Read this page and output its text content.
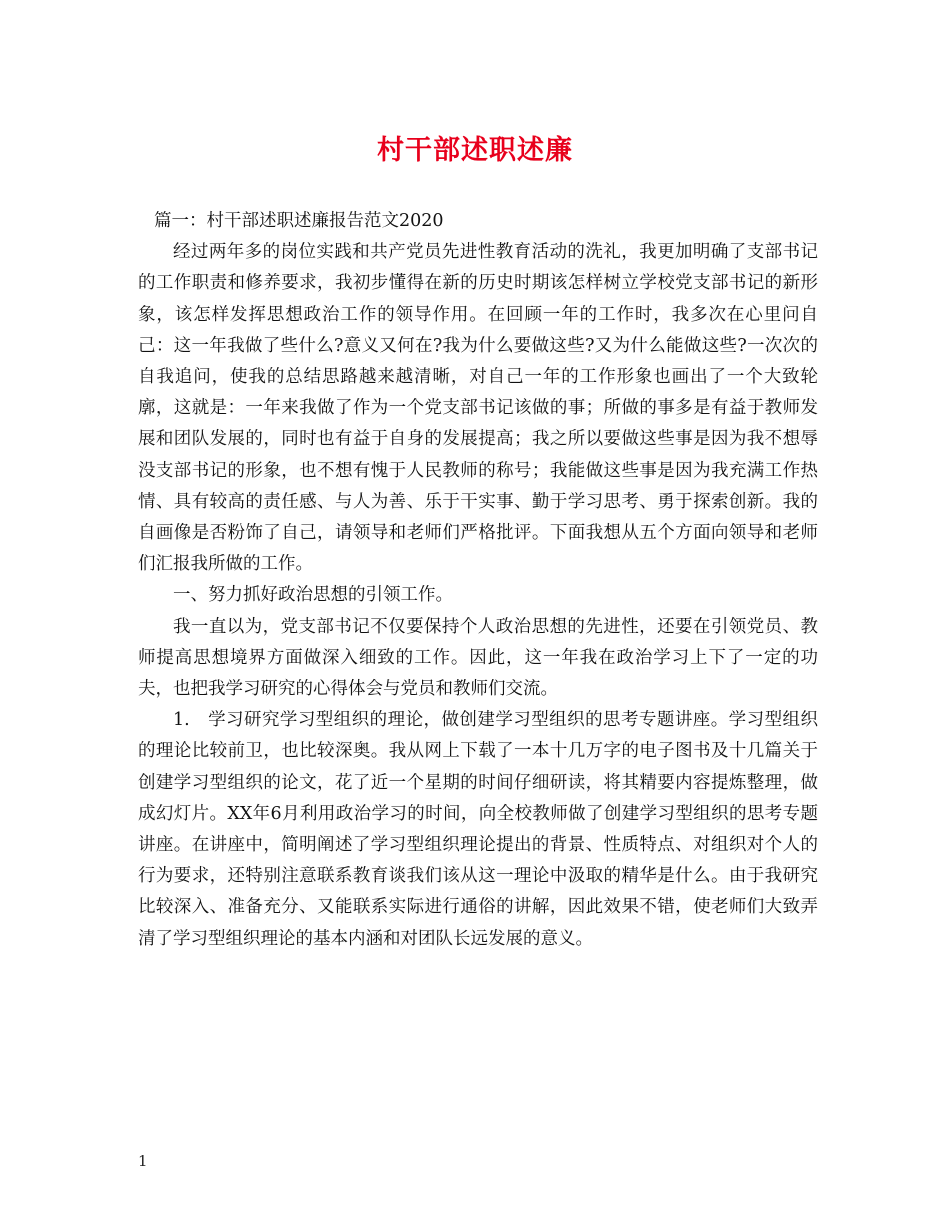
村干部述职述廉

篇一：村干部述职述廉报告范文2020

经过两年多的岗位实践和共产党员先进性教育活动的洗礼，我更加明确了支部书记的工作职责和修养要求，我初步懂得在新的历史时期该怎样树立学校党支部书记的新形象，该怎样发挥思想政治工作的领导作用。在回顾一年的工作时，我多次在心里问自己：这一年我做了些什么?意义又何在?我为什么要做这些?又为什么能做这些?一次次的自我追问，使我的总结思路越来越清晰，对自己一年的工作形象也画出了一个大致轮廓，这就是：一年来我做了作为一个党支部书记该做的事；所做的事多是有益于教师发展和团队发展的，同时也有益于自身的发展提高；我之所以要做这些事是因为我不想辱没支部书记的形象，也不想有愧于人民教师的称号；我能做这些事是因为我充满工作热情、具有较高的责任感、与人为善、乐于干实事、勤于学习思考、勇于探索创新。我的自画像是否粉饰了自己，请领导和老师们严格批评。下面我想从五个方面向领导和老师们汇报我所做的工作。

一、努力抓好政治思想的引领工作。

我一直以为，党支部书记不仅要保持个人政治思想的先进性，还要在引领党员、教师提高思想境界方面做深入细致的工作。因此，这一年我在政治学习上下了一定的功夫，也把我学习研究的心得体会与党员和教师们交流。

1.　学习研究学习型组织的理论，做创建学习型组织的思考专题讲座。学习型组织的理论比较前卫，也比较深奥。我从网上下载了一本十几万字的电子图书及十几篇关于创建学习型组织的论文，花了近一个星期的时间仔细研读，将其精要内容提炼整理，做成幻灯片。XX年6月利用政治学习的时间，向全校教师做了创建学习型组织的思考专题讲座。在讲座中，简明阐述了学习型组织理论提出的背景、性质特点、对组织对个人的行为要求，还特别注意联系教育谈我们该从这一理论中汲取的精华是什么。由于我研究比较深入、准备充分、又能联系实际进行通俗的讲解，因此效果不错，使老师们大致弄清了学习型组织理论的基本内涵和对团队长远发展的意义。

1
